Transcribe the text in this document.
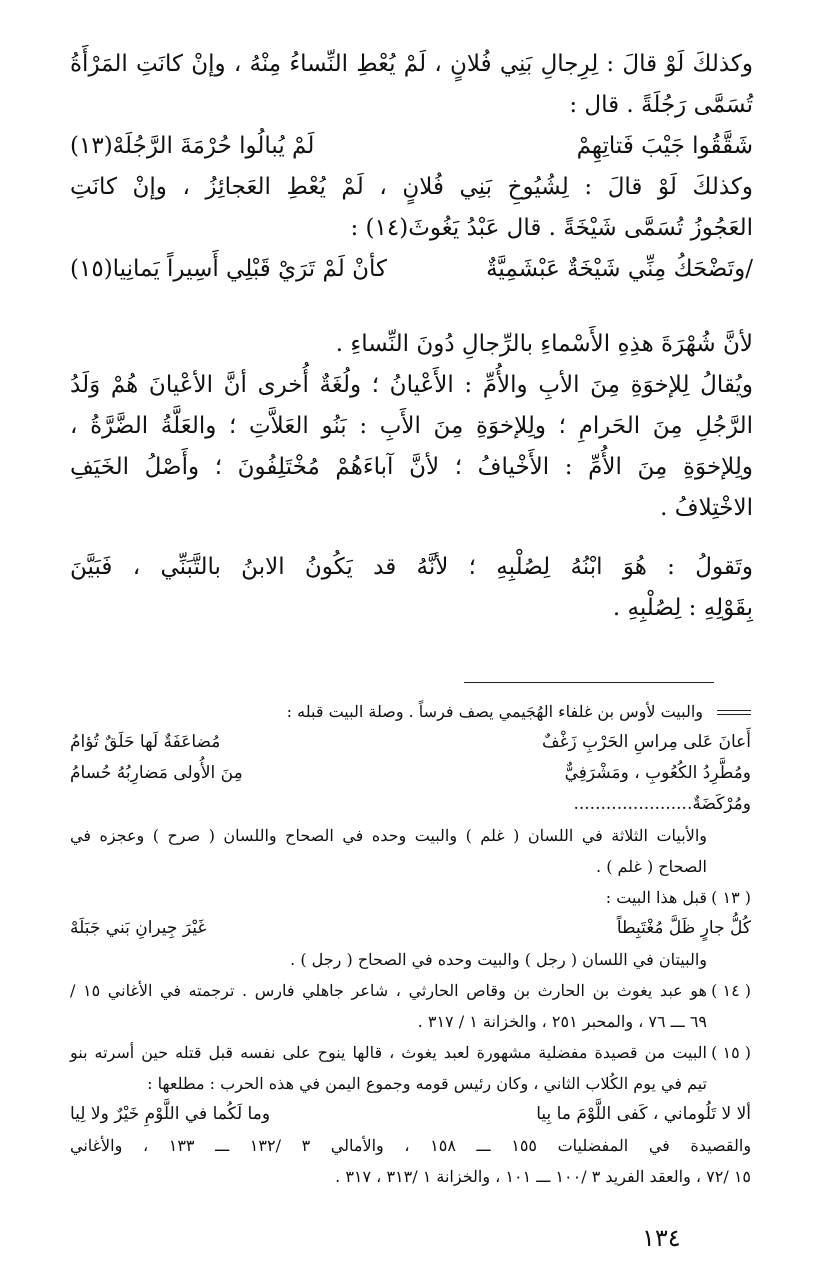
وكذلكَ لَوْ قالَ : لِرِجالِ بَنِي فُلانٍ ، لَمْ يُعْطِ النِّساءُ مِنْهُ ، وإنْ كانَتِ المَرْأَةُ
تُسَمَّى رَجُلَةً . قال :
شَقَّقُوا جَيْبَ فَتاتِهِمْ
لَمْ يُبالُوا حُرْمَةَ الرَّجُلَهْ(١٣)
وكذلكَ لَوْ قالَ : لِشُيُوخِ بَنِي فُلانٍ ، لَمْ يُعْطِ العَجائِزُ ، وإنْ كانَتِ
العَجُوزُ تُسَمَّى شَيْخَةً . قال عَبْدُ يَغُوثَ(١٤) :
/وتَضْحَكُ مِنِّي شَيْخَةٌ عَبْشَمِيَّةٌ
كأنْ لَمْ تَرَيْ قَبْلِي أَسِيراً يَمانِيا(١٥)
لأنَّ شُهْرَةَ هذِهِ الأَسْماءِ بالرِّجالِ دُونَ النِّساءِ .
ويُقالُ لِلإخوَةِ مِنَ الأبِ والأُمِّ : الأَعْيانُ ؛ ولُغَةٌ أُخرى أنَّ الأعْيانَ هُمْ وَلَدُ
الرَّجُلِ مِنَ الحَرامِ ؛ ولِلإخوَةِ مِنَ الأَبِ : بَنُو العَلاَّتِ ؛ والعَلَّةُ الضَّرَّةُ ،
ولِلإخوَةِ مِنَ الأُمِّ : الأَخْيافُ ؛ لأنَّ آباءَهُمْ مُخْتَلِفُونَ ؛ وأَصْلُ الخَيَفِ
الاخْتِلافُ .
وتَقولُ : هُوَ ابْنُهُ لِصُلْبِهِ ؛ لأنَّهُ قد يَكُونُ الابنُ بالتَّبَنِّي ، فَبَيَّنَ
بِقَوْلِهِ : لِصُلْبِهِ .
والبيت لأوس بن غلفاء الهُجَيمي يصف فرساً . وصلة البيت قبله :
أَعانَ عَلى مِراسِ الحَرْبِ زَغْفٌ
مُضاعَفَةٌ لَها حَلَقٌ تُؤامُ
ومُطَّرِدُ الكُعُوبِ ، ومَشْرَفِيٌّ
مِنَ الأُولى مَضارِبُهُ حُسامُ
ومُرْكَضَةٌ......................
والأبيات الثلاثة في اللسان ( غلم ) والبيت وحده في الصحاح واللسان ( صرح ) وعجزه في
الصحاح ( غلم ) .
( ١٣ )
قبل هذا البيت :
كُلُّ جارٍ ظَلَّ مُغْتَبِطاً
غَيْرَ جِيرانِ بَني جَبَلَهْ
والبيتان في اللسان ( رجل ) والبيت وحده في الصحاح ( رجل ) .
( ١٤ )
هو عبد يغوث بن الحارث بن وقاص الحارثي ، شاعر جاهلي فارس . ترجمته في الأغاني ١٥ /
٦٩ ـــ ٧٦ ، والمحبر ٢٥١ ، والخزانة ١ / ٣١٧ .
( ١٥ )
البيت من قصيدة مفضلية مشهورة لعبد يغوث ، قالها ينوح على نفسه قبل قتله حين أسرته بنو
تيم في يوم الكُلاب الثاني ، وكان رئيس قومه وجموع اليمن في هذه الحرب : مطلعها :
ألا لا تَلُوماني ، كَفى اللَّوْمَ ما بِيا
وما لَكُما في اللَّوْمِ خَيْرٌ ولا لِيا
والقصيدة في المفضليات ١٥٥ ـــ ١٥٨ ، والأمالي ٣ /١٣٢ ـــ ١٣٣ ، والأغاني
١٥ /٧٢ ، والعقد الفريد ٣ /١٠٠ ـــ ١٠١ ، والخزانة ١ /٣١٣ ، ٣١٧ .
١٣٤
